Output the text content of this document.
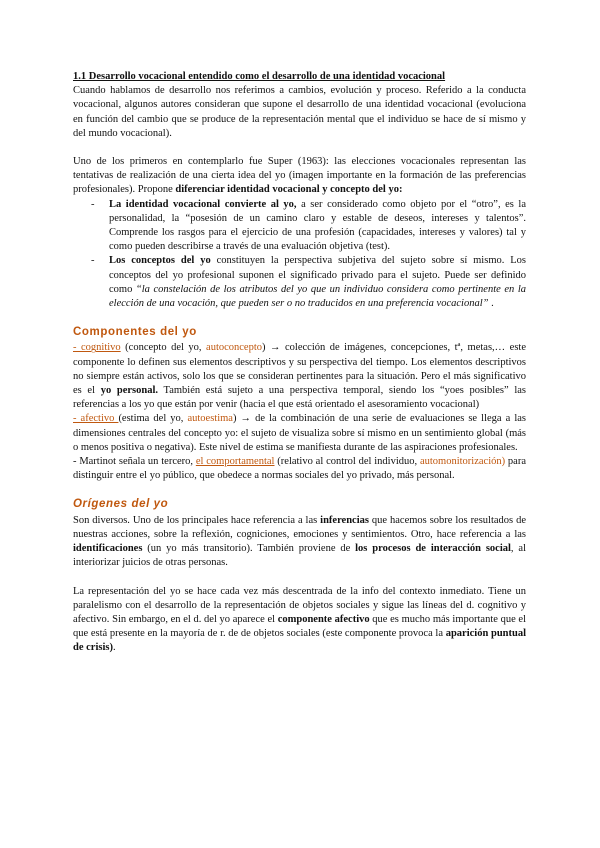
1.1 Desarrollo vocacional entendido como el desarrollo de una identidad vocacional

Cuando hablamos de desarrollo nos referimos a cambios, evolución y proceso. Referido a la conducta vocacional, algunos autores consideran que supone el desarrollo de una identidad vocacional (evoluciona en función del cambio que se produce de la representación mental que el individuo se hace de sí mismo y del mundo vocacional).

Uno de los primeros en contemplarlo fue Super (1963): las elecciones vocacionales representan las tentativas de realización de una cierta idea del yo (imagen importante en la formación de las preferencias profesionales). Propone diferenciar identidad vocacional y concepto del yo:

- La identidad vocacional convierte al yo, a ser considerado como objeto por el “otro”, es la personalidad, la “posesión de un camino claro y estable de deseos, intereses y talentos”. Comprende los rasgos para el ejercicio de una profesión (capacidades, intereses y valores) tal y como pueden describirse a través de una evaluación objetiva (test).
- Los conceptos del yo constituyen la perspectiva subjetiva del sujeto sobre sí mismo. Los conceptos del yo profesional suponen el significado privado para el sujeto. Puede ser definido como “la constelación de los atributos del yo que un individuo considera como pertinente en la elección de una vocación, que pueden ser o no traducidos en una preferencia vocacional” .
Componentes del yo

- cognitivo (concepto del yo, autoconcepto) → colección de imágenes, concepciones, tª, metas,… este componente lo definen sus elementos descriptivos y su perspectiva del tiempo. Los elementos descriptivos no siempre están activos, solo los que se consideran pertinentes para la situación. Pero el más significativo es el yo personal. También está sujeto a una perspectiva temporal, siendo los “yoes posibles” las referencias a los yo que están por venir (hacia el que está orientado el asesoramiento vocacional)

- afectivo (estima del yo, autoestima) → de la combinación de una serie de evaluaciones se llega a las dimensiones centrales del concepto yo: el sujeto de visualiza sobre sí mismo en un sentimiento global (más o menos positiva o negativa). Este nivel de estima se manifiesta durante de las aspiraciones profesionales.

- Martinot señala un tercero, el comportamental (relativo al control del individuo, automonitorización) para distinguir entre el yo público, que obedece a normas sociales del yo privado, más personal.

Orígenes del yo

Son diversos. Uno de los principales hace referencia a las inferencias que hacemos sobre los resultados de nuestras acciones, sobre la reflexión, cogniciones, emociones y sentimientos. Otro, hace referencia a las identificaciones (un yo más transitorio). También proviene de los procesos de interacción social, al interiorizar juicios de otras personas.

La representación del yo se hace cada vez más descentrada de la info del contexto inmediato. Tiene un paralelismo con el desarrollo de la representación de objetos sociales y sigue las líneas del d. cognitivo y afectivo. Sin embargo, en el d. del yo aparece el componente afectivo que es mucho más importante que el que está presente en la mayoría de r. de de objetos sociales (este componente provoca la aparición puntual de crisis).
